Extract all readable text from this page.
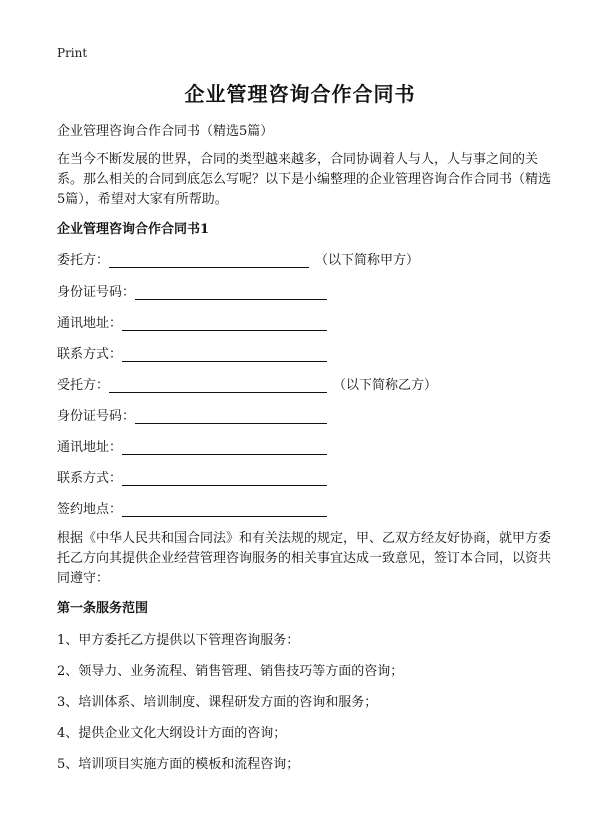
Print
企业管理咨询合作合同书
企业管理咨询合作合同书（精选5篇）
在当今不断发展的世界，合同的类型越来越多，合同协调着人与人，人与事之间的关系。那么相关的合同到底怎么写呢？以下是小编整理的企业管理咨询合作合同书（精选5篇），希望对大家有所帮助。
企业管理咨询合作合同书1
委托方：	（以下简称甲方）
身份证号码：
通讯地址：
联系方式：
受托方：	（以下简称乙方）
身份证号码：
通讯地址：
联系方式：
签约地点：
根据《中华人民共和国合同法》和有关法规的规定，甲、乙双方经友好协商，就甲方委托乙方向其提供企业经营管理咨询服务的相关事宜达成一致意见，签订本合同，以资共同遵守：
第一条服务范围
1、甲方委托乙方提供以下管理咨询服务：
2、领导力、业务流程、销售管理、销售技巧等方面的咨询；
3、培训体系、培训制度、课程研发方面的咨询和服务；
4、提供企业文化大纲设计方面的咨询；
5、培训项目实施方面的模板和流程咨询；
